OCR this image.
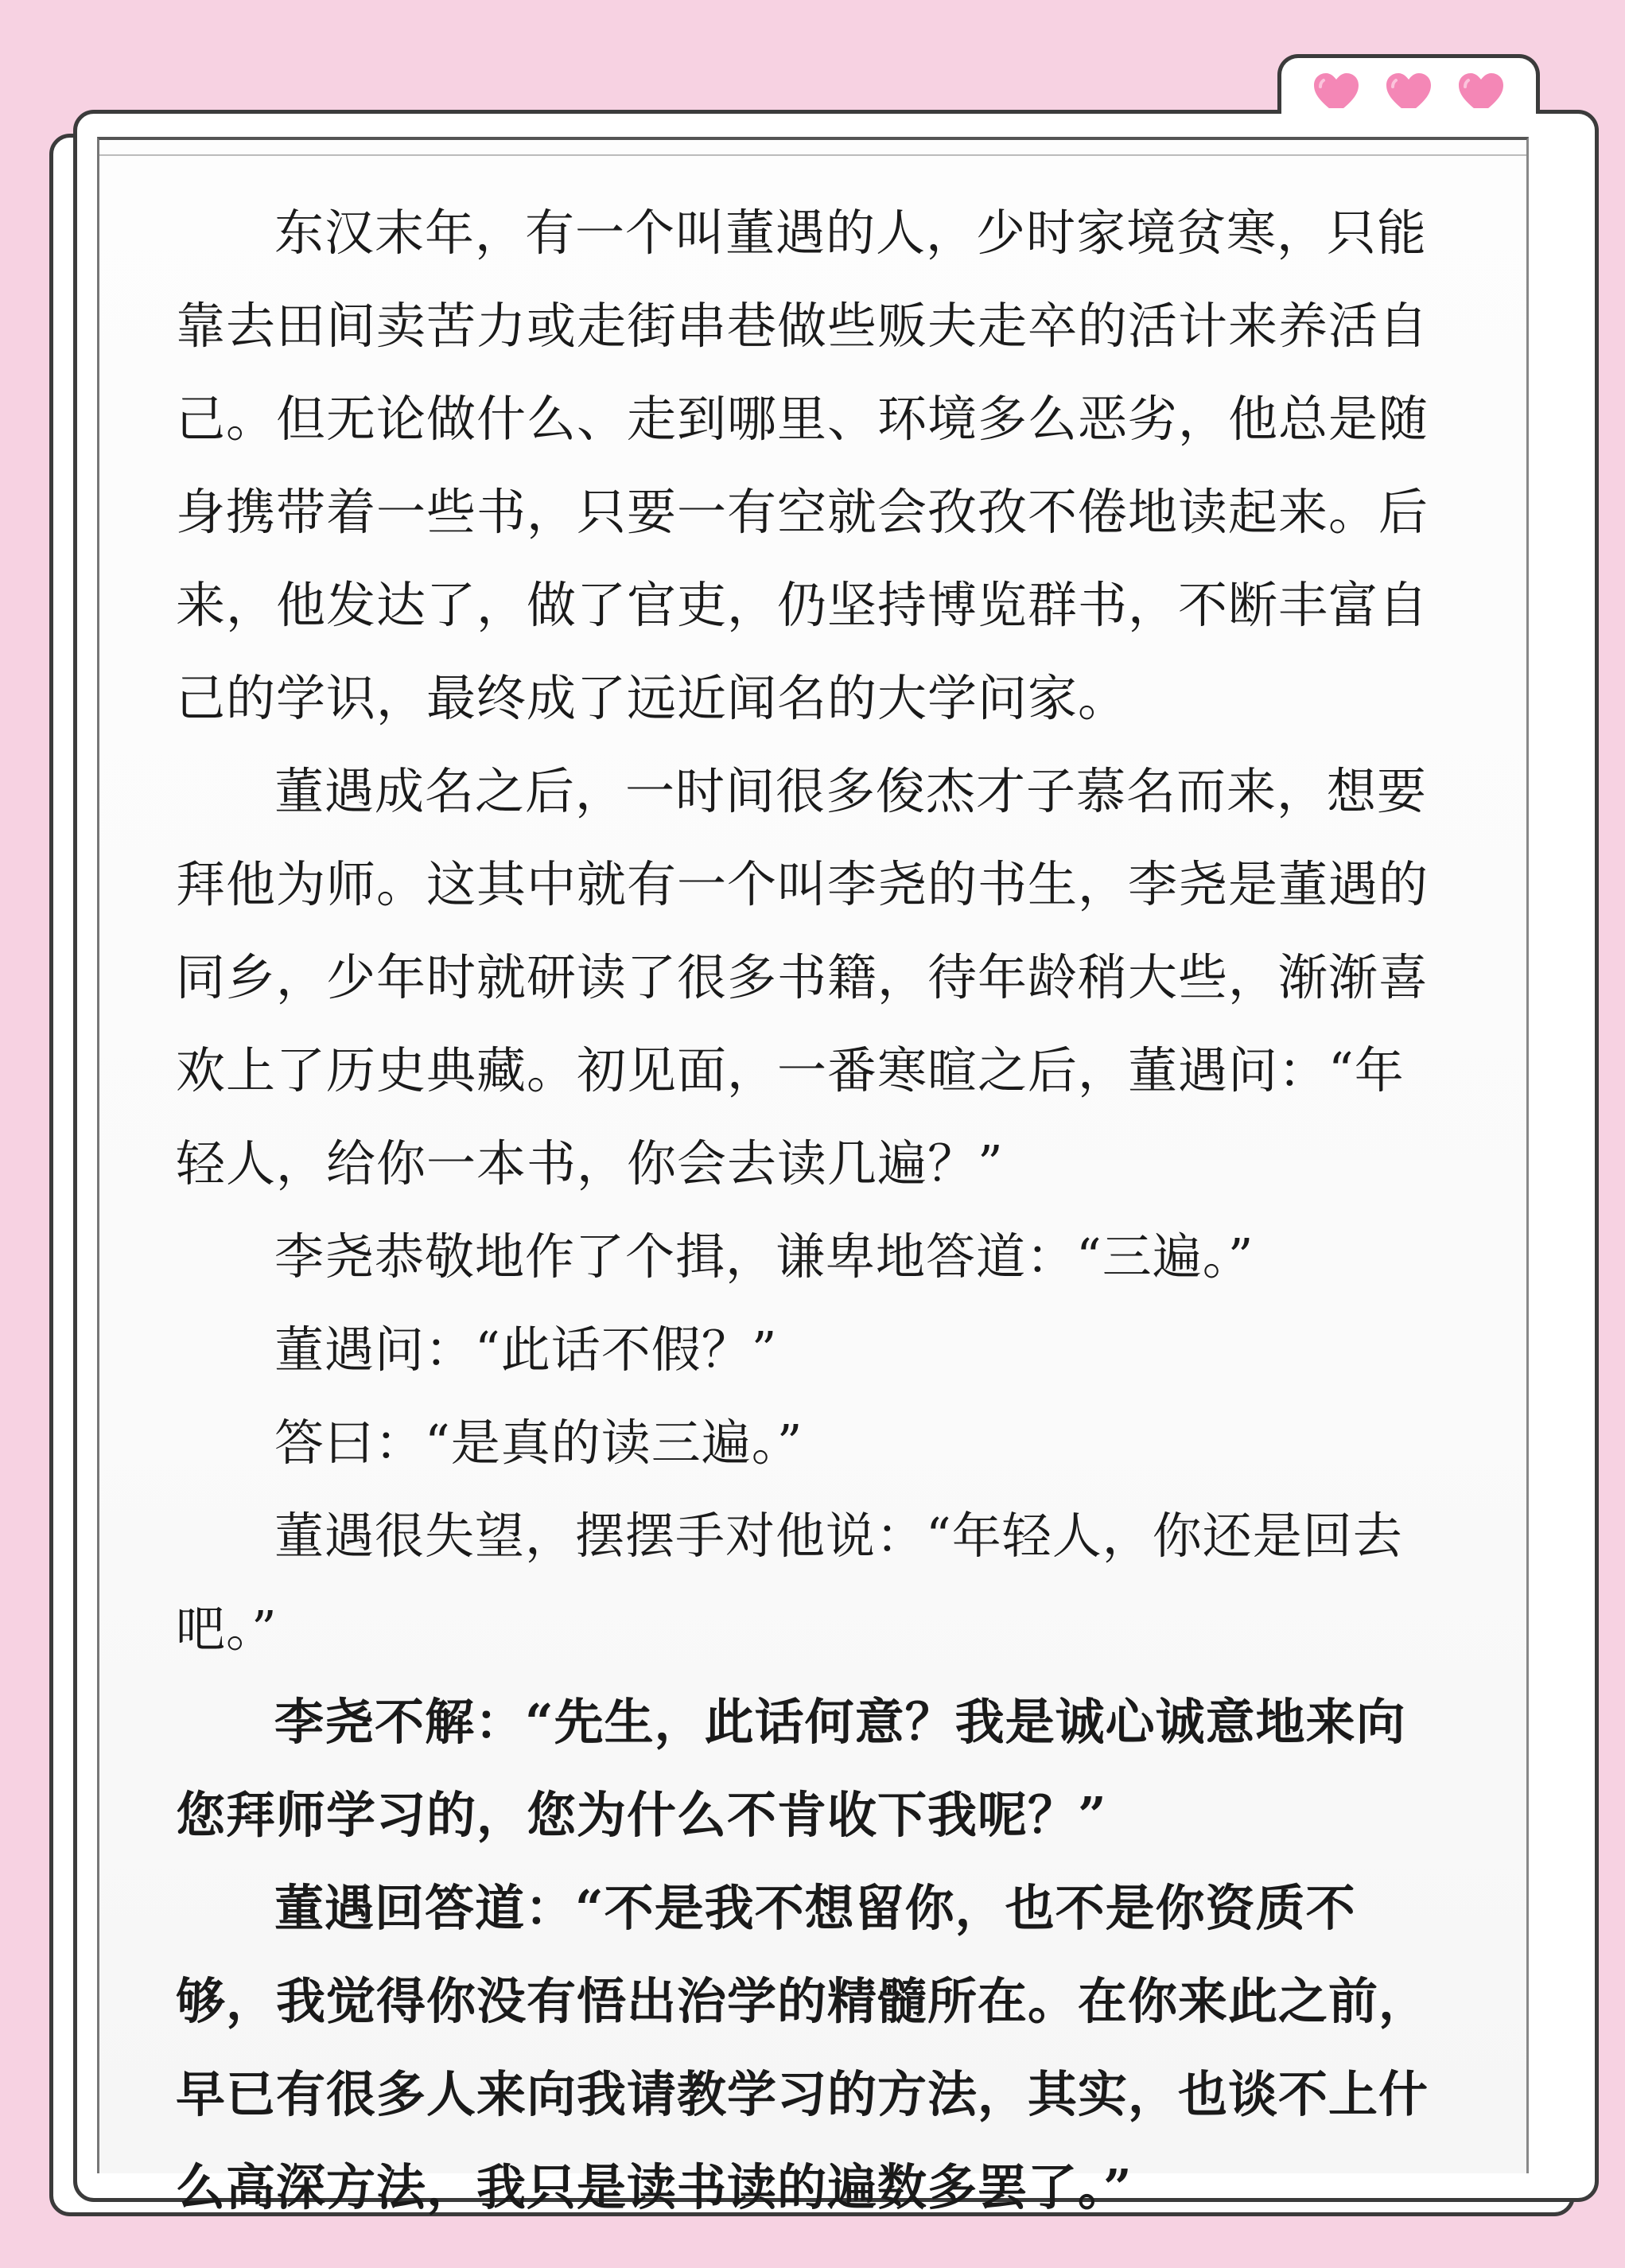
东汉末年，有一个叫董遇的人，少时家境贫寒，只能靠去田间卖苦力或走街串巷做些贩夫走卒的活计来养活自己。但无论做什么、走到哪里、环境多么恶劣，他总是随身携带着一些书，只要一有空就会孜孜不倦地读起来。后来，他发达了，做了官吏，仍坚持博览群书，不断丰富自己的学识，最终成了远近闻名的大学问家。

董遇成名之后，一时间很多俊杰才子慕名而来，想要拜他为师。这其中就有一个叫李尧的书生，李尧是董遇的同乡，少年时就研读了很多书籍，待年龄稍大些，渐渐喜欢上了历史典藏。初见面，一番寒暄之后，董遇问：“年轻人，给你一本书，你会去读几遍？”

李尧恭敬地作了个揖，谦卑地答道：“三遍。”

董遇问：“此话不假？”

答曰：“是真的读三遍。”

董遇很失望，摆摆手对他说：“年轻人，你还是回去吧。”

李尧不解：“先生，此话何意？我是诚心诚意地来向您拜师学习的，您为什么不肯收下我呢？”

董遇回答道：“不是我不想留你，也不是你资质不够，我觉得你没有悟出治学的精髓所在。在你来此之前，早已有很多人来向我请教学习的方法，其实，也谈不上什么高深方法，我只是读书读的遍数多罢了。”
